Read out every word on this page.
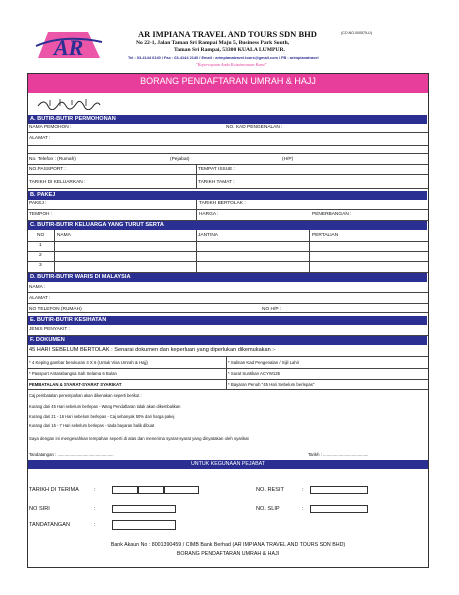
AR
AR IMPIANA TRAVEL AND TOURS SDN BHD	(CO.NO.000575-U)
No 22-1, Jalan Taman Sri Rampai Maju 5, Business Park South,
Taman Sri Rampai, 53300 KUALA LUMPUR.
Tel : 03-4144 6140 / Fax : 03-4144 2140 / Email : arimpianatravel.tours@gmail.com / FB : arimpianatravel
"Kepercayaan Anda Keistimewaan Kami"
BORANG PENDAFTARAN UMRAH & HAJJ
A. BUTIR-BUTIR PERMOHONAN
NAMA PEMOHON :	NO. KAD PENGENALAN :
ALAMAT :
No. Telefon : (Rumah)	(Pejabat)	(H/P)
NO.PASSPORT :	TEMPAT ISSUE :
TARIKH DI KELUARKAN :	TARIKH TAMAT :
B. PAKEJ
PAKEJ :	TARIKH BERTOLAK :
TEMPOH :	HARGA :	PENERBANGAN :
C. BUTIR-BUTIR KELUARGA YANG TURUT SERTA
NO	NAMA	JANTINA	PERTALIAN
1
2
3
D. BUTIR-BUTIR WARIS DI MALAYSIA
NAMA :
ALAMAT :
NO TELEFON (RUMAH)	NO H/P :
E. BUTIR-BUTIR KESIHATAN
JENIS PENYAKIT :
F. DOKUMEN
45 HARI SEBELUM BERTOLAK : Senarai dokumen dan keperluan yang diperlukan dikemukakan :-
* 4 Keping gambar berukuran 4 X 6 (Untuk Visa Umrah & Hajj)	* Salinan Kad Pengenalan / Sijil Lahir
* Passport Antarabangsa Sah Selama 6 Bulan	* Surat Suntikan ACYW135
PEMBATALAN & SYARAT-SYARAT SYARIKAT	* Bayaran Penuh "45 Hari Sebelum berlepas"
Caj pembatalan penempahan akan dikenakan seperti berikut :
Kurang dari 45 Hari sebelum berlepas - Wang Pendaftaran tidak akan dikembalikan
Kurang dari 21 - 16 Hari sebelum berlepas - Caj sebanyak 50% dari harga pakej
Kurang dari 15 - 7 Hari sebelum berlepas - tiada bayaran balik dibuat
Saya dengan ini mengesahkan tempahan seperti di atas dan menerima syarat-syarat yang dinyatakan oleh syarikat
Tandatangan : ...............................................	Tarikh : ......................................
UNTUK KEGUNAAN PEJABAT
TARIKH DI TERIMA	:	NO. RESIT	:
NO SIRI	:	NO. SLIP	:
TANDATANGAN	:
Bank Akaun No : 8001390459 / CIMB Bank Berhad (AR IMPIANA TRAVEL AND TOURS SDN BHD)
BORANG PENDAFTARAN UMRAH & HAJI
